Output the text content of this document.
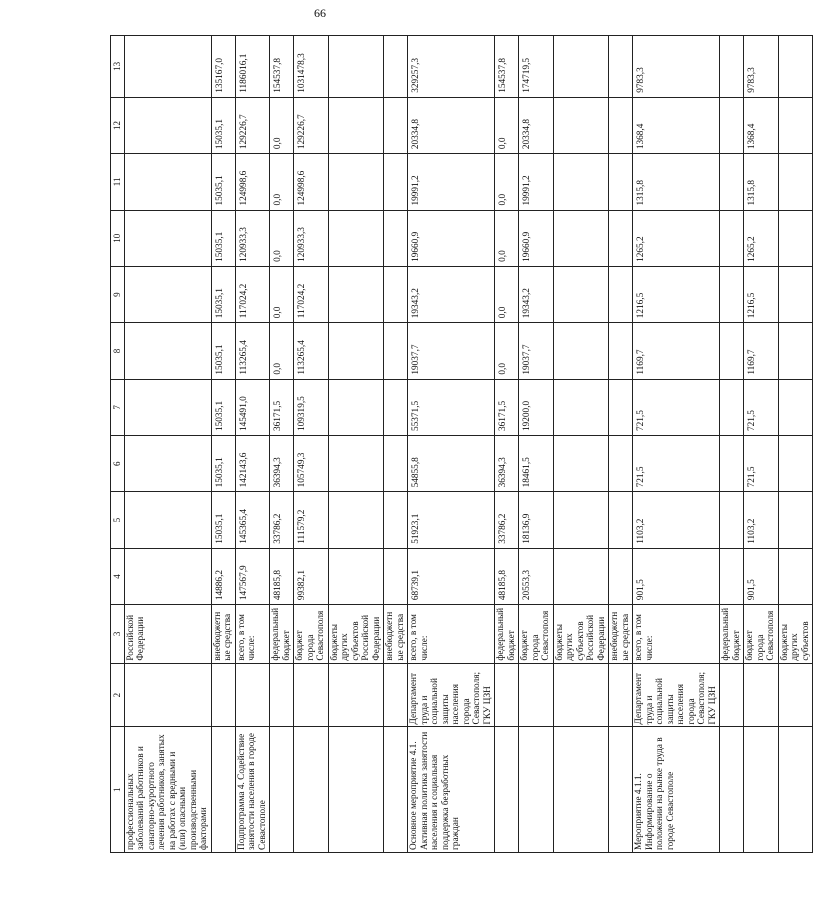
66
1	2	3	4	5	6	7	8	9	10	11	12	13
профессиональных заболеваний работников и санаторно-курортного лечения работников, занятых на работах с вредными и (или) опасными производственными факторами		Российской Федерации										
		внебюджетные средства	14886,2	15035,1	15035,1	15035,1	15035,1	15035,1	15035,1	15035,1	15035,1	135167,0
Подпрограмма 4. Содействие занятости населения в городе Севастополе		всего, в том числе:	147567,9	145365,4	142143,6	145491,0	113265,4	117024,2	120933,3	124998,6	129226,7	1186016,1
		федеральный бюджет	48185,8	33786,2	36394,3	36171,5	0,0	0,0	0,0	0,0	0,0	154537,8
		бюджет города Севастополя	99382,1	111579,2	105749,3	109319,5	113265,4	117024,2	120933,3	124998,6	129226,7	1031478,3
		бюджеты других субъектов Российской Федерации										
		внебюджетные средства										
Основное мероприятие 4.1. Активная политика занятости населения и социальная поддержка безработных граждан	Департамент труда и социальной защиты населения города Севастополя; ГКУ ЦЗН	всего, в том числе:	68739,1	51923,1	54855,8	55371,5	19037,7	19343,2	19660,9	19991,2	20334,8	329257,3
		федеральный бюджет	48185,8	33786,2	36394,3	36171,5	0,0	0,0	0,0	0,0	0,0	154537,8
		бюджет города Севастополя	20553,3	18136,9	18461,5	19200,0	19037,7	19343,2	19660,9	19991,2	20334,8	174719,5
		бюджеты других субъектов Российской Федерации										
		внебюджетные средства										
Мероприятие 4.1.1. Информирование о положении на рынке труда в городе Севастополе	Департамент труда и социальной защиты населения города Севастополя; ГКУ ЦЗН	всего, в том числе:	901,5	1103,2	721,5	721,5	1169,7	1216,5	1265,2	1315,8	1368,4	9783,3
		федеральный бюджет										
		бюджет города Севастополя	901,5	1103,2	721,5	721,5	1169,7	1216,5	1265,2	1315,8	1368,4	9783,3
		бюджеты других субъектов										
